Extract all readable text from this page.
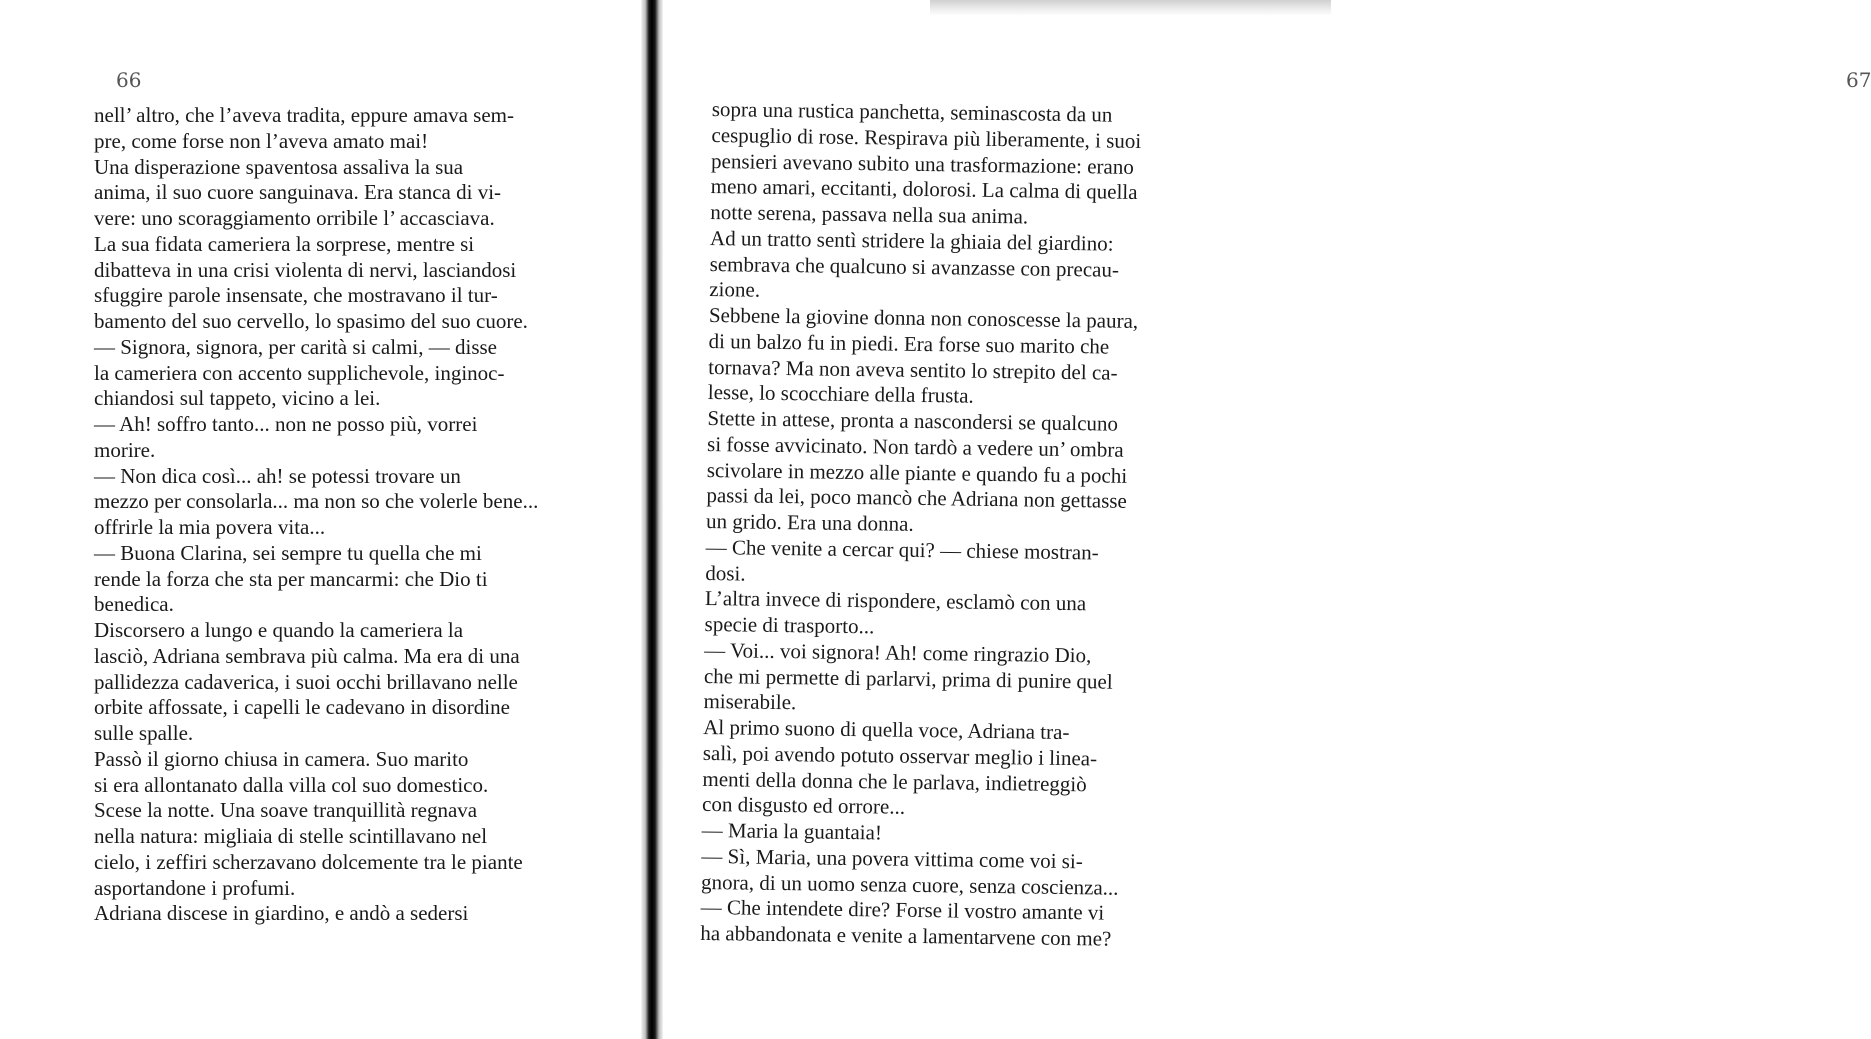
66
nell’ altro, che l’aveva tradita, eppure amava sem-
pre, come forse non l’aveva amato mai!
Una disperazione spaventosa assaliva la sua
anima, il suo cuore sanguinava. Era stanca di vi-
vere: uno scoraggiamento orribile l’ accasciava.
La sua fidata cameriera la sorprese, mentre si
dibatteva in una crisi violenta di nervi, lasciandosi
sfuggire parole insensate, che mostravano il tur-
bamento del suo cervello, lo spasimo del suo cuore.
— Signora, signora, per carità si calmi, — disse
la cameriera con accento supplichevole, inginoc-
chiandosi sul tappeto, vicino a lei.
— Ah! soffro tanto... non ne posso più, vorrei
morire.
— Non dica così... ah! se potessi trovare un
mezzo per consolarla... ma non so che volerle bene...
offrirle la mia povera vita...
— Buona Clarina, sei sempre tu quella che mi
rende la forza che sta per mancarmi: che Dio ti
benedica.
Discorsero a lungo e quando la cameriera la
lasciò, Adriana sembrava più calma. Ma era di una
pallidezza cadaverica, i suoi occhi brillavano nelle
orbite affossate, i capelli le cadevano in disordine
sulle spalle.
Passò il giorno chiusa in camera. Suo marito
si era allontanato dalla villa col suo domestico.
Scese la notte. Una soave tranquillità regnava
nella natura: migliaia di stelle scintillavano nel
cielo, i zeffiri scherzavano dolcemente tra le piante
asportandone i profumi.
Adriana discese in giardino, e andò a sedersi
67
sopra una rustica panchetta, seminascosta da un
cespuglio di rose. Respirava più liberamente, i suoi
pensieri avevano subito una trasformazione: erano
meno amari, eccitanti, dolorosi. La calma di quella
notte serena, passava nella sua anima.
Ad un tratto sentì stridere la ghiaia del giardino:
sembrava che qualcuno si avanzasse con precau-
zione.
Sebbene la giovine donna non conoscesse la paura,
di un balzo fu in piedi. Era forse suo marito che
tornava? Ma non aveva sentito lo strepito del ca-
lesse, lo scocchiare della frusta.
Stette in attese, pronta a nascondersi se qualcuno
si fosse avvicinato. Non tardò a vedere un’ ombra
scivolare in mezzo alle piante e quando fu a pochi
passi da lei, poco mancò che Adriana non gettasse
un grido. Era una donna.
— Che venite a cercar qui? — chiese mostran-
dosi.
L’altra invece di rispondere, esclamò con una
specie di trasporto...
— Voi... voi signora! Ah! come ringrazio Dio,
che mi permette di parlarvi, prima di punire quel
miserabile.
Al primo suono di quella voce, Adriana tra-
salì, poi avendo potuto osservar meglio i linea-
menti della donna che le parlava, indietreggiò
con disgusto ed orrore...
— Maria la guantaia!
— Sì, Maria, una povera vittima come voi si-
gnora, di un uomo senza cuore, senza coscienza...
— Che intendete dire? Forse il vostro amante vi
ha abbandonata e venite a lamentarvene con me?
